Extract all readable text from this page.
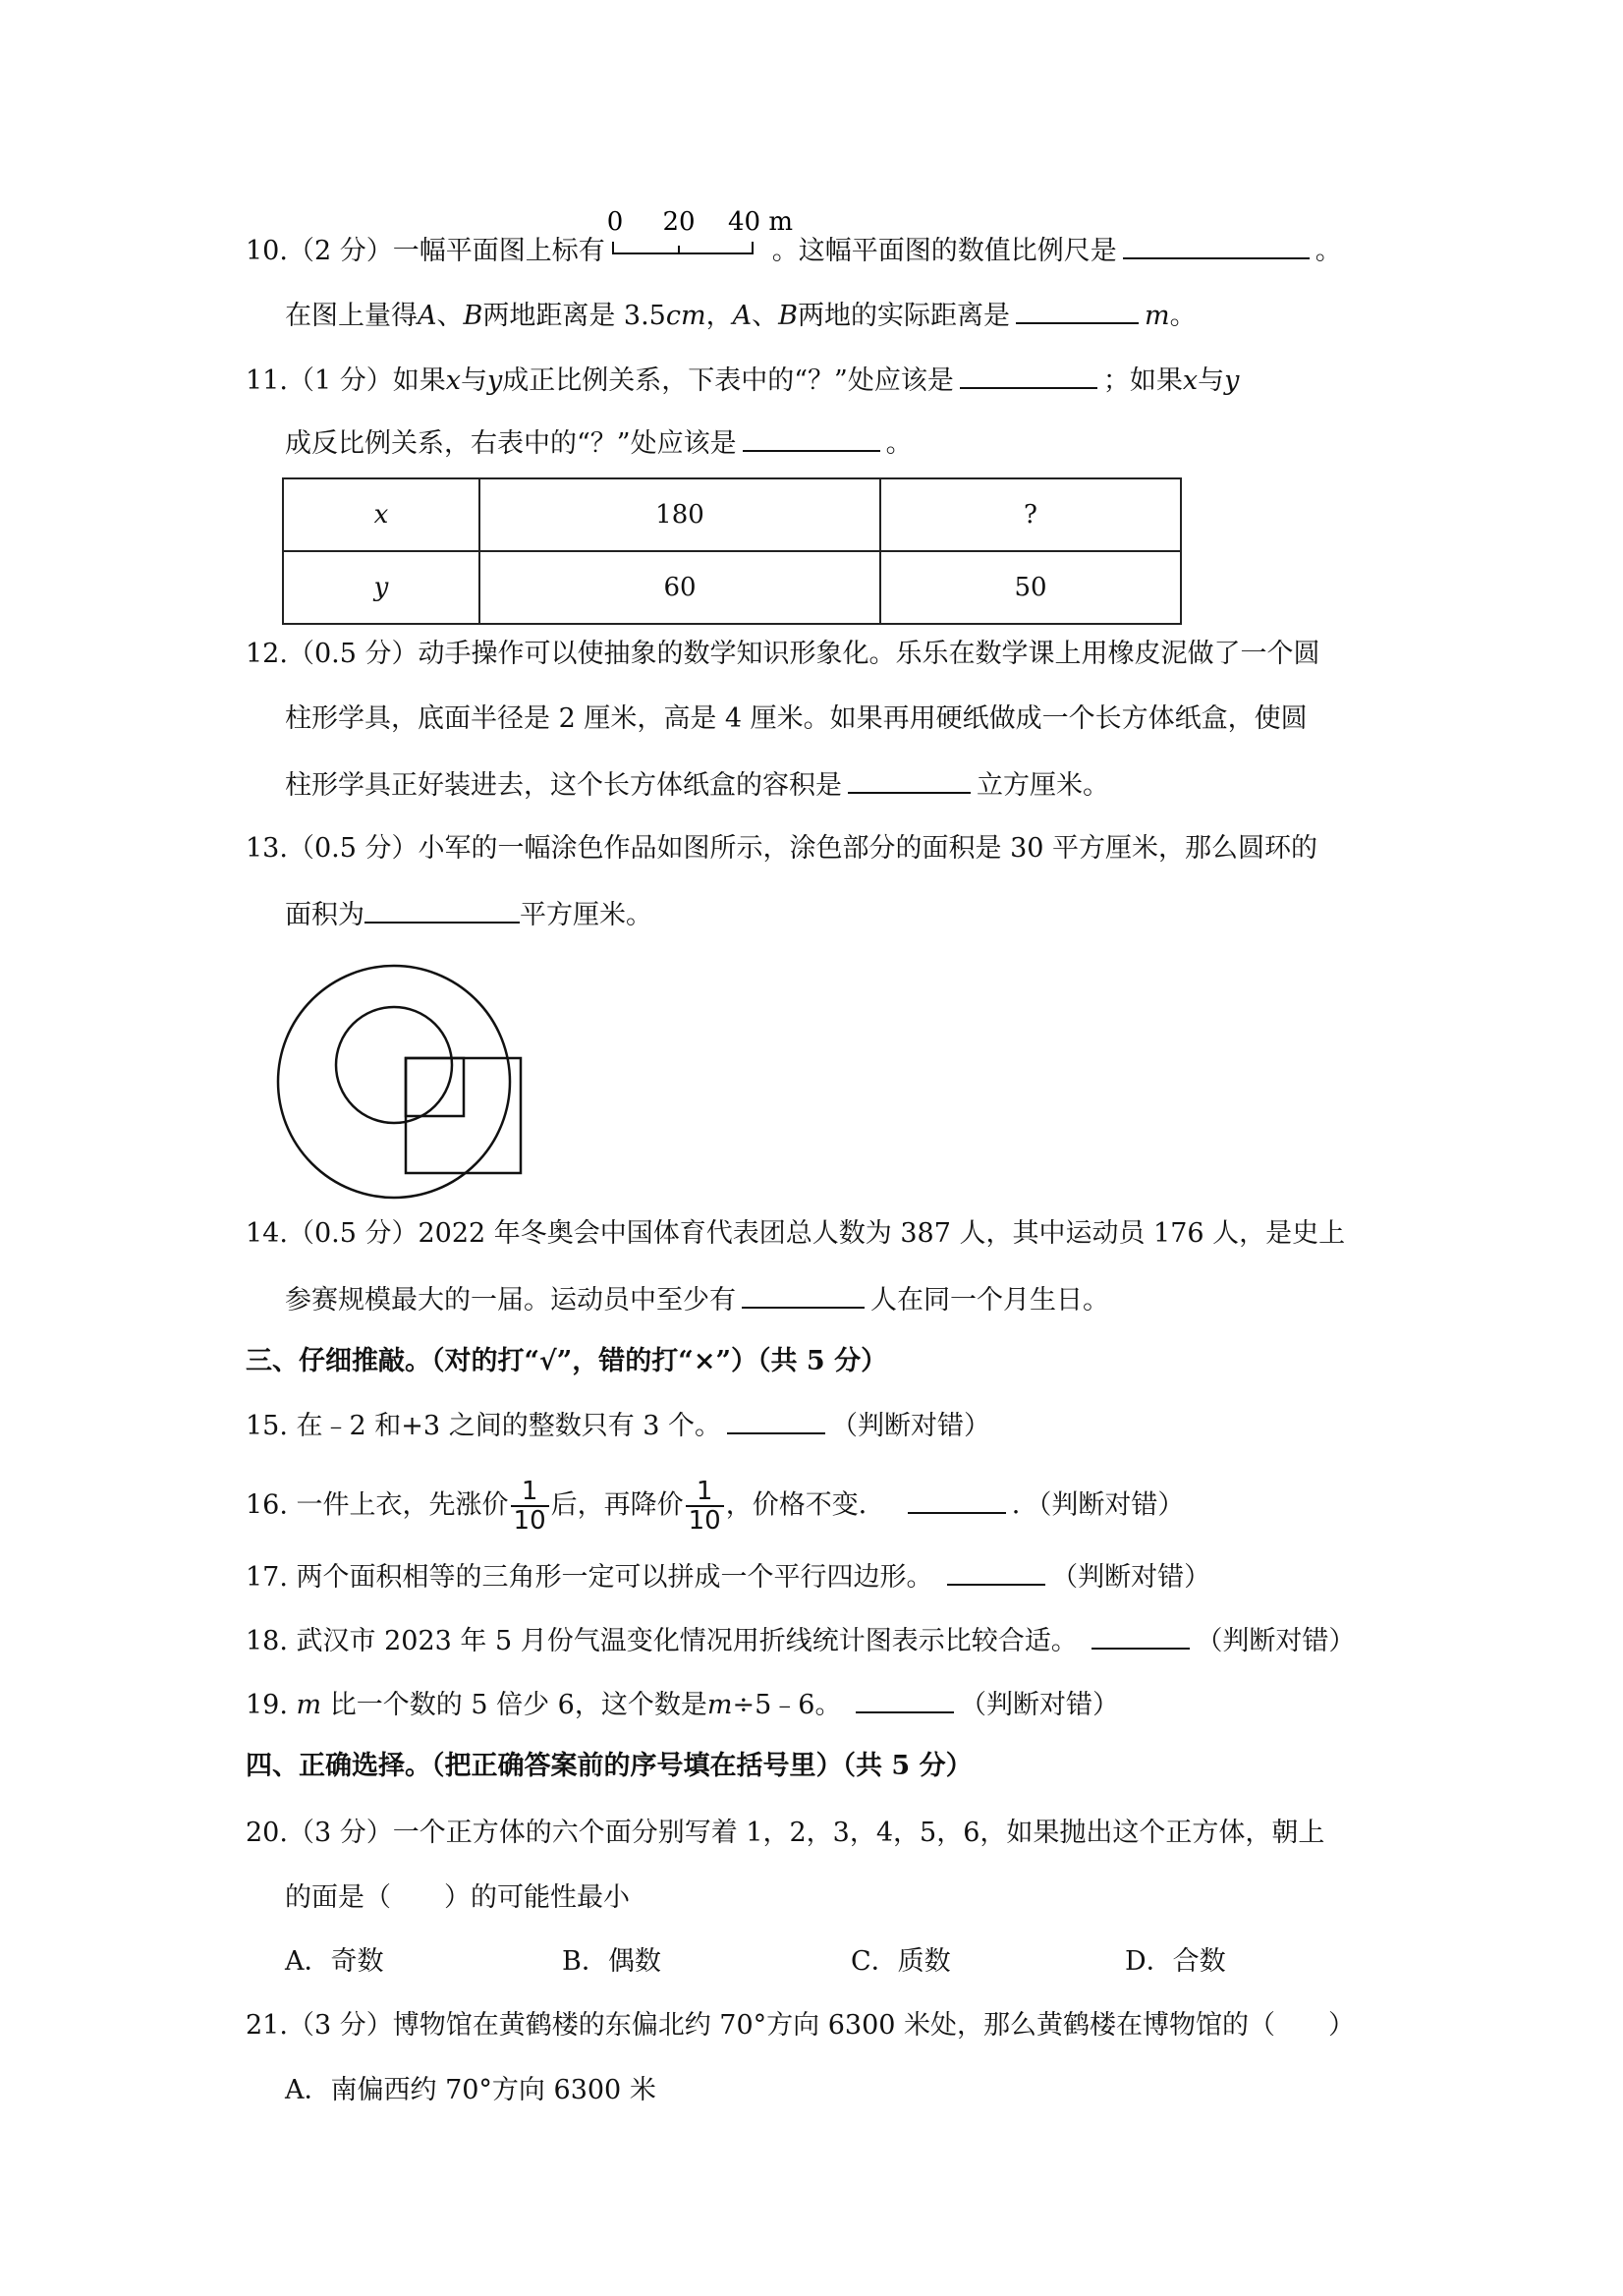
10.（2 分）一幅平面图上标有
0 20 40 m
。这幅平面图的数值比例尺是	。
在图上量得A、B两地距离是 3.5cm，A、B两地的实际距离是	m。
11.（1 分）如果x与y成正比例关系，下表中的“？”处应该是	；如果x与y
成反比例关系，右表中的“？”处应该是	。
x	180	?
y	60	50
12.（0.5 分）动手操作可以使抽象的数学知识形象化。乐乐在数学课上用橡皮泥做了一个圆
柱形学具，底面半径是 2 厘米，高是 4 厘米。如果再用硬纸做成一个长方体纸盒，使圆
柱形学具正好装进去，这个长方体纸盒的容积是	立方厘米。
13.（0.5 分）小军的一幅涂色作品如图所示，涂色部分的面积是 30 平方厘米，那么圆环的
面积为	平方厘米。
14.（0.5 分）2022 年冬奥会中国体育代表团总人数为 387 人，其中运动员 176 人，是史上
参赛规模最大的一届。运动员中至少有	人在同一个月生日。
三、仔细推敲。（对的打“√”，错的打“×”）（共 5 分）
15. 在﹣2 和+3 之间的整数只有 3 个。	（判断对错）
16. 一件上衣，先涨价 $\frac{1}{10}$ 后，再降价 $\frac{1}{10}$ ，价格不变．	．（判断对错）
17. 两个面积相等的三角形一定可以拼成一个平行四边形。	（判断对错）
18. 武汉市 2023 年 5 月份气温变化情况用折线统计图表示比较合适。	（判断对错）
19. m 比一个数的 5 倍少 6，这个数是m÷5﹣6。	（判断对错）
四、正确选择。（把正确答案前的序号填在括号里）（共 5 分）
20.（3 分）一个正方体的六个面分别写着 1，2，3，4，5，6，如果抛出这个正方体，朝上
的面是（　　）的可能性最小
A．奇数	B．偶数	C．质数	D．合数
21.（3 分）博物馆在黄鹤楼的东偏北约 70°方向 6300 米处，那么黄鹤楼在博物馆的（　　）
A．南偏西约 70°方向 6300 米
